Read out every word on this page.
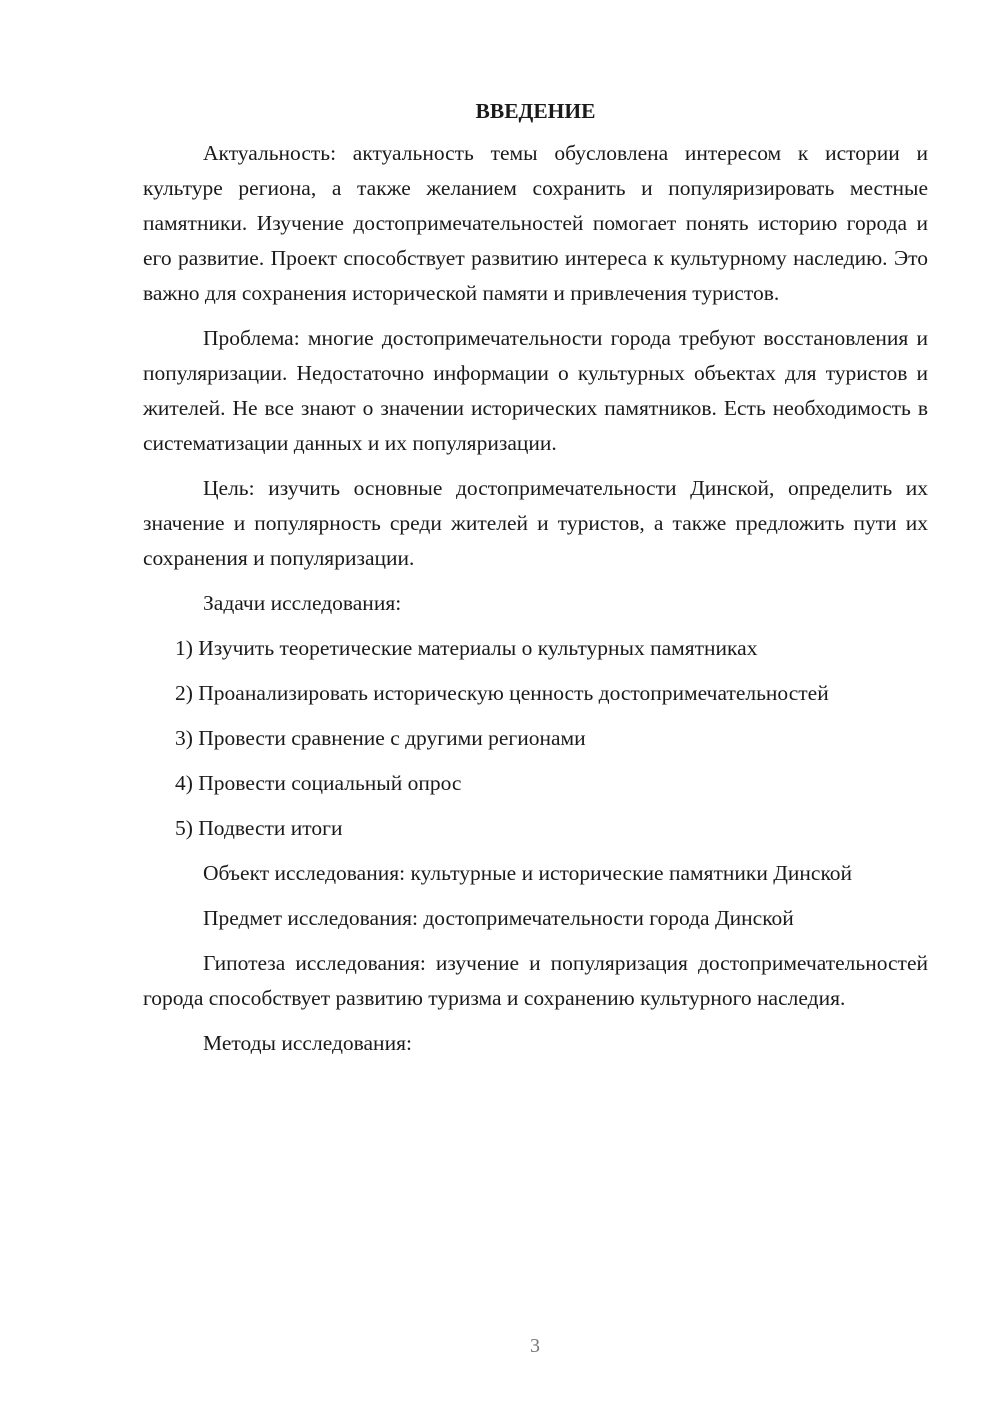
ВВЕДЕНИЕ

Актуальность: актуальность темы обусловлена интересом к истории и культуре региона, а также желанием сохранить и популяризировать местные памятники. Изучение достопримечательностей помогает понять историю города и его развитие. Проект способствует развитию интереса к культурному наследию. Это важно для сохранения исторической памяти и привлечения туристов.

Проблема: многие достопримечательности города требуют восстановления и популяризации. Недостаточно информации о культурных объектах для туристов и жителей. Не все знают о значении исторических памятников. Есть необходимость в систематизации данных и их популяризации.

Цель: изучить основные достопримечательности Динской, определить их значение и популярность среди жителей и туристов, а также предложить пути их сохранения и популяризации.

Задачи исследования:

1) Изучить теоретические материалы о культурных памятниках

2) Проанализировать историческую ценность достопримечательностей

3) Провести сравнение с другими регионами

4) Провести социальный опрос

5) Подвести итоги

Объект исследования: культурные и исторические памятники Динской

Предмет исследования: достопримечательности города Динской

Гипотеза исследования: изучение и популяризация достопримечательностей города способствует развитию туризма и сохранению культурного наследия.

Методы исследования:

3
